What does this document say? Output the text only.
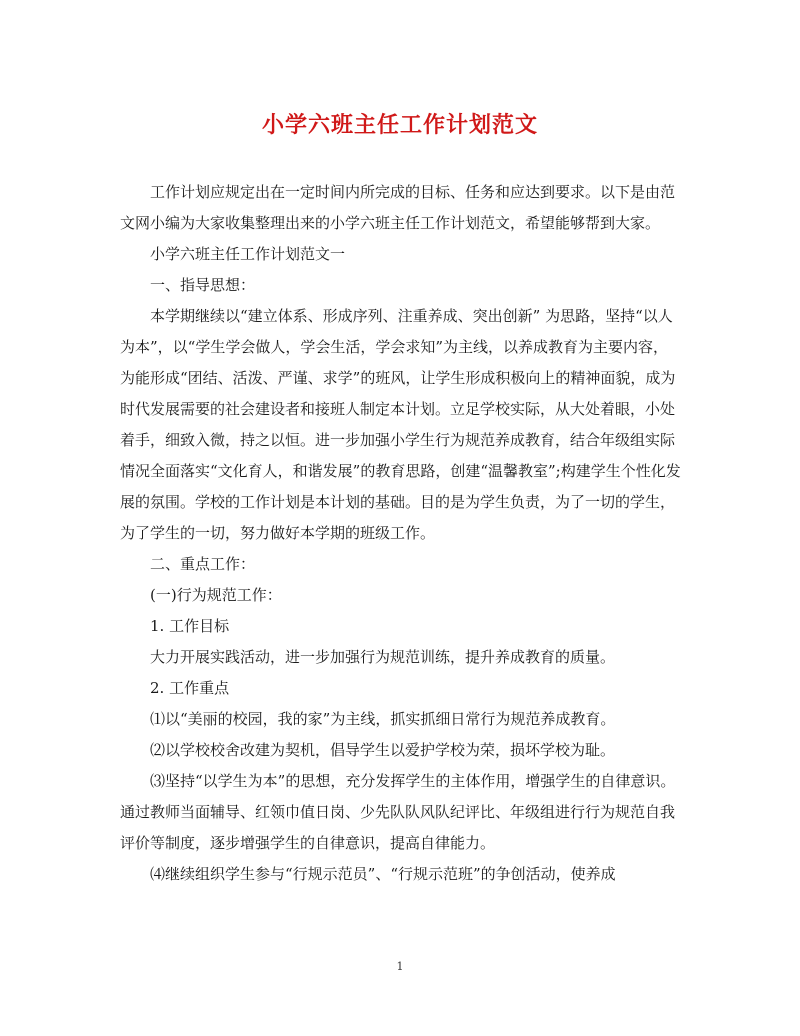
小学六班主任工作计划范文

工作计划应规定出在一定时间内所完成的目标、任务和应达到要求。以下是由范文网小编为大家收集整理出来的小学六班主任工作计划范文，希望能够帮到大家。

小学六班主任工作计划范文一

一、指导思想：

本学期继续以“建立体系、形成序列、注重养成、突出创新” 为思路，坚持“以人为本”，以“学生学会做人，学会生活，学会求知”为主线，以养成教育为主要内容，为能形成“团结、活泼、严谨、求学”的班风，让学生形成积极向上的精神面貌，成为时代发展需要的社会建设者和接班人制定本计划。立足学校实际，从大处着眼，小处着手，细致入微，持之以恒。进一步加强小学生行为规范养成教育，结合年级组实际情况全面落实“文化育人，和谐发展”的教育思路，创建“温馨教室”;构建学生个性化发展的氛围。学校的工作计划是本计划的基础。目的是为学生负责，为了一切的学生，为了学生的一切，努力做好本学期的班级工作。

二、重点工作：

(一)行为规范工作：

1. 工作目标

大力开展实践活动，进一步加强行为规范训练，提升养成教育的质量。

2. 工作重点

⑴以“美丽的校园，我的家”为主线，抓实抓细日常行为规范养成教育。

⑵以学校校舍改建为契机，倡导学生以爱护学校为荣，损坏学校为耻。

⑶坚持“以学生为本”的思想，充分发挥学生的主体作用，增强学生的自律意识。通过教师当面辅导、红领巾值日岗、少先队队风队纪评比、年级组进行行为规范自我评价等制度，逐步增强学生的自律意识，提高自律能力。

⑷继续组织学生参与“行规示范员”、“行规示范班”的争创活动，使养成

1
